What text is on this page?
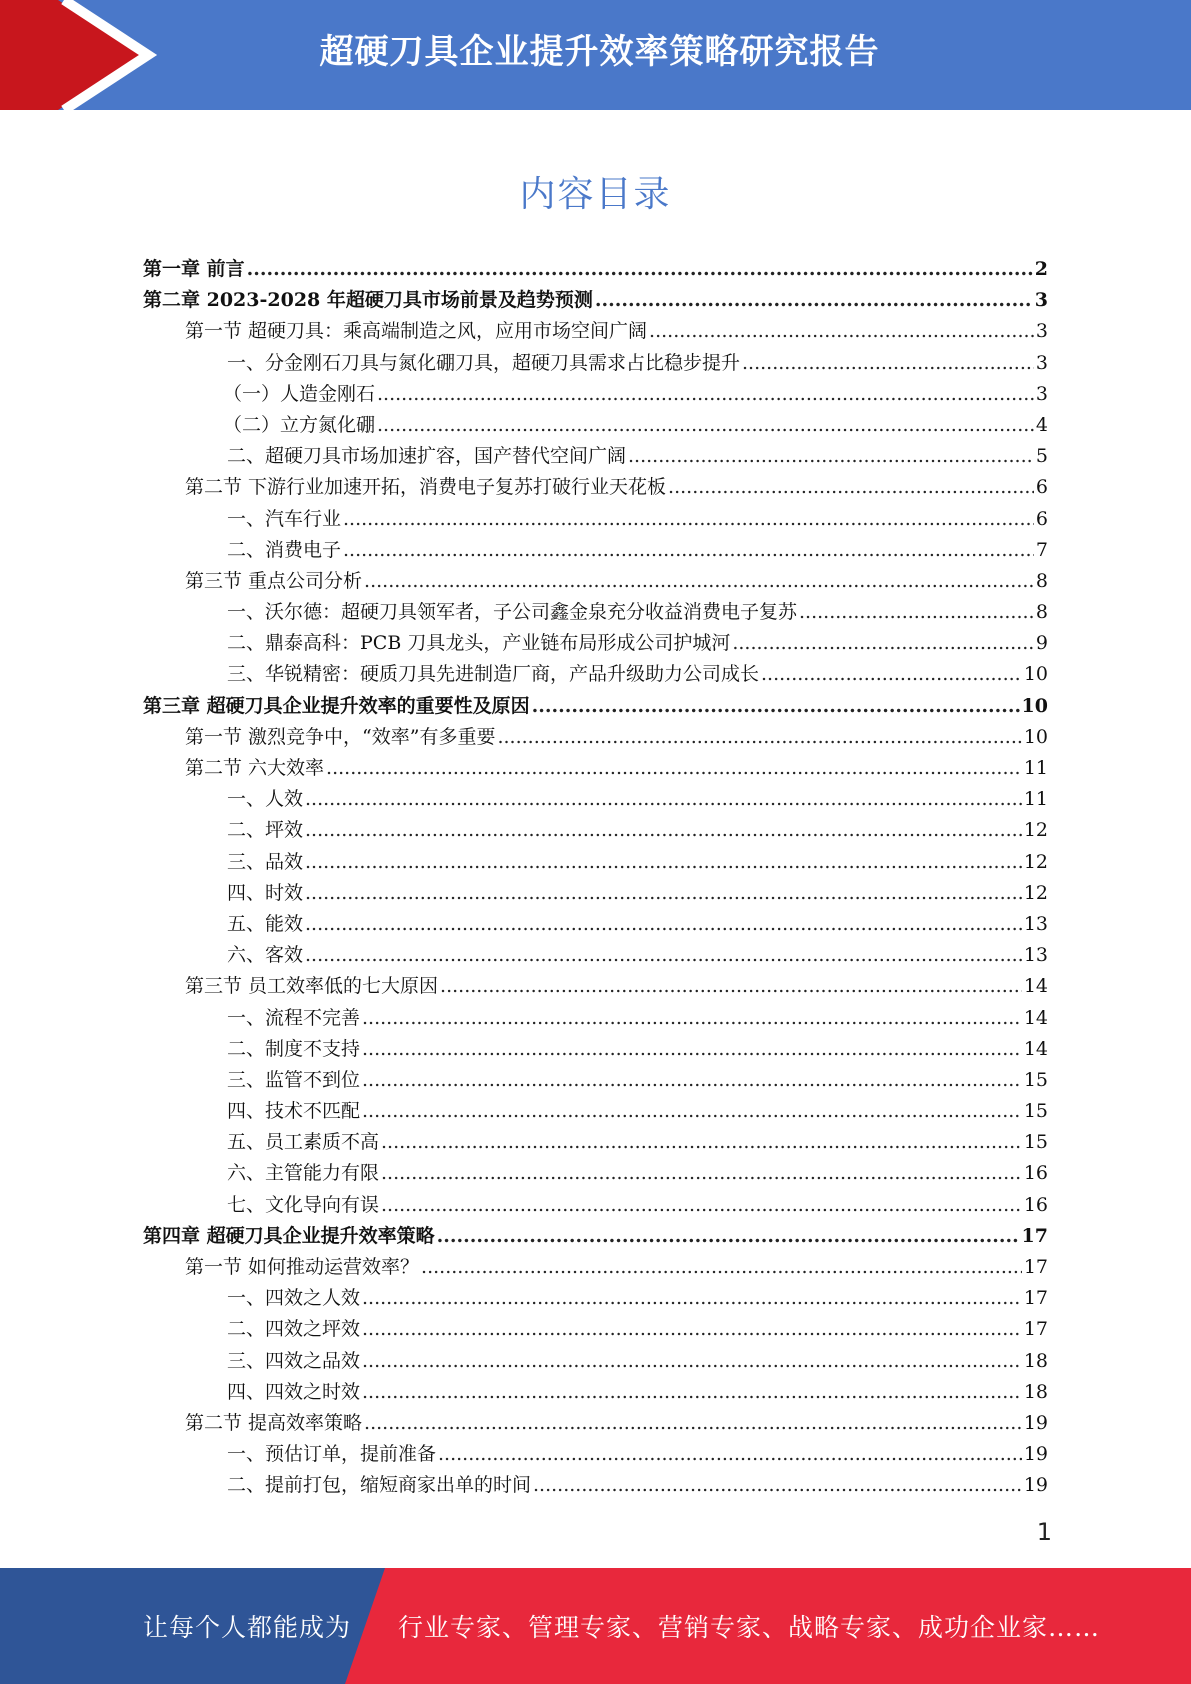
超硬刀具企业提升效率策略研究报告
内容目录
第一章 前言 .....	2
第二章 2023-2028 年超硬刀具市场前景及趋势预测 .....	3
第一节 超硬刀具：乘高端制造之风，应用市场空间广阔 .....	3
一、分金刚石刀具与氮化硼刀具，超硬刀具需求占比稳步提升 .....	3
（一）人造金刚石 .....	3
（二）立方氮化硼 .....	4
二、超硬刀具市场加速扩容，国产替代空间广阔 .....	5
第二节 下游行业加速开拓，消费电子复苏打破行业天花板 .....	6
一、汽车行业 .....	6
二、消费电子 .....	7
第三节 重点公司分析 .....	8
一、沃尔德：超硬刀具领军者，子公司鑫金泉充分收益消费电子复苏 .....	8
二、鼎泰高科：PCB 刀具龙头，产业链布局形成公司护城河 .....	9
三、华锐精密：硬质刀具先进制造厂商，产品升级助力公司成长 .....	10
第三章 超硬刀具企业提升效率的重要性及原因 .....	10
第一节 激烈竞争中，“效率”有多重要 .....	10
第二节 六大效率 .....	11
一、人效 .....	11
二、坪效 .....	12
三、品效 .....	12
四、时效 .....	12
五、能效 .....	13
六、客效 .....	13
第三节 员工效率低的七大原因 .....	14
一、流程不完善 .....	14
二、制度不支持 .....	14
三、监管不到位 .....	15
四、技术不匹配 .....	15
五、员工素质不高 .....	15
六、主管能力有限 .....	16
七、文化导向有误 .....	16
第四章 超硬刀具企业提升效率策略 .....	17
第一节 如何推动运营效率？ .....	17
一、四效之人效 .....	17
二、四效之坪效 .....	17
三、四效之品效 .....	18
四、四效之时效 .....	18
第二节 提高效率策略 .....	19
一、预估订单，提前准备 .....	19
二、提前打包，缩短商家出单的时间 .....	19
1
让每个人都能成为 行业专家、管理专家、营销专家、战略专家、成功企业家……
